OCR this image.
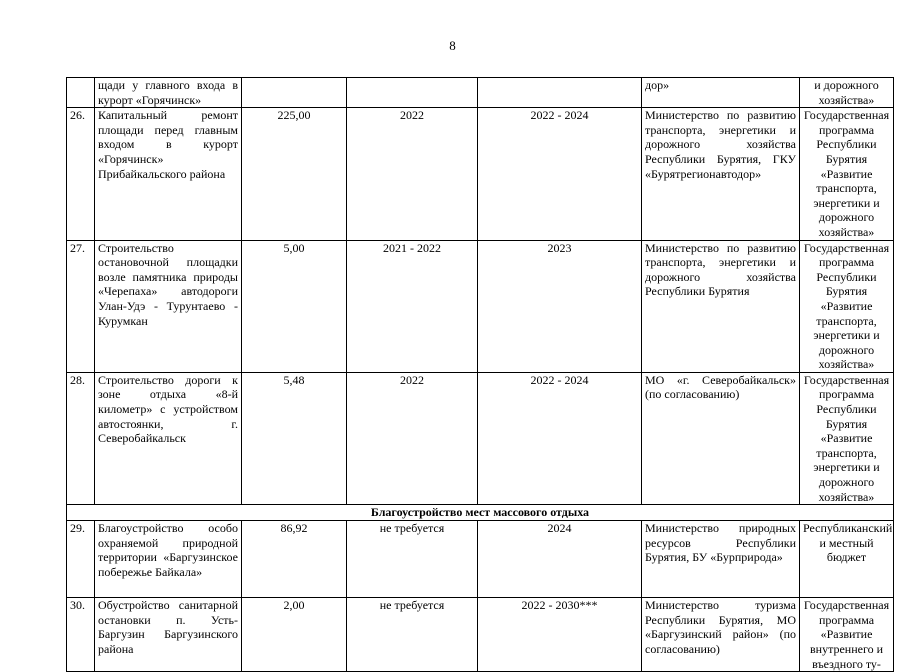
8
	щади у главного входа в курорт «Горячинск»				дор»	и дорожного хозяйства»
26.	Капитальный ремонт площади перед главным входом в курорт «Горячинск» Прибайкальского района	225,00	2022	2022 - 2024	Министерство по развитию транспорта, энергетики и дорожного хозяйства Республики Бурятия, ГКУ «Бурятрегионавтодор»	Государственная программа Республики Бурятия «Развитие транспорта, энергетики и дорожного хозяйства»
27.	Строительство остановочной площадки возле памятника природы «Черепаха» автодороги Улан-Удэ - Турунтаево - Курумкан	5,00	2021 - 2022	2023	Министерство по развитию транспорта, энергетики и дорожного хозяйства Республики Бурятия	Государственная программа Республики Бурятия «Развитие транспорта, энергетики и дорожного хозяйства»
28.	Строительство дороги к зоне отдыха «8-й километр» с устройством автостоянки, г. Северобайкальск	5,48	2022	2022 - 2024	МО «г. Северобайкальск» (по согласованию)	Государственная программа Республики Бурятия «Развитие транспорта, энергетики и дорожного хозяйства»
Благоустройство мест массового отдыха						
29.	Благоустройство особо охраняемой природной территории «Баргузинское побережье Байкала»	86,92	не требуется	2024	Министерство природных ресурсов Республики Бурятия, БУ «Бурприрода»	Республиканский и местный бюджет
30.	Обустройство санитарной остановки п. Усть-Баргузин Баргузинского района	2,00	не требуется	2022 - 2030***	Министерство туризма Республики Бурятия, МО «Баргузинский район» (по согласованию)	Государственная программа «Развитие внутреннего и въездного ту-
